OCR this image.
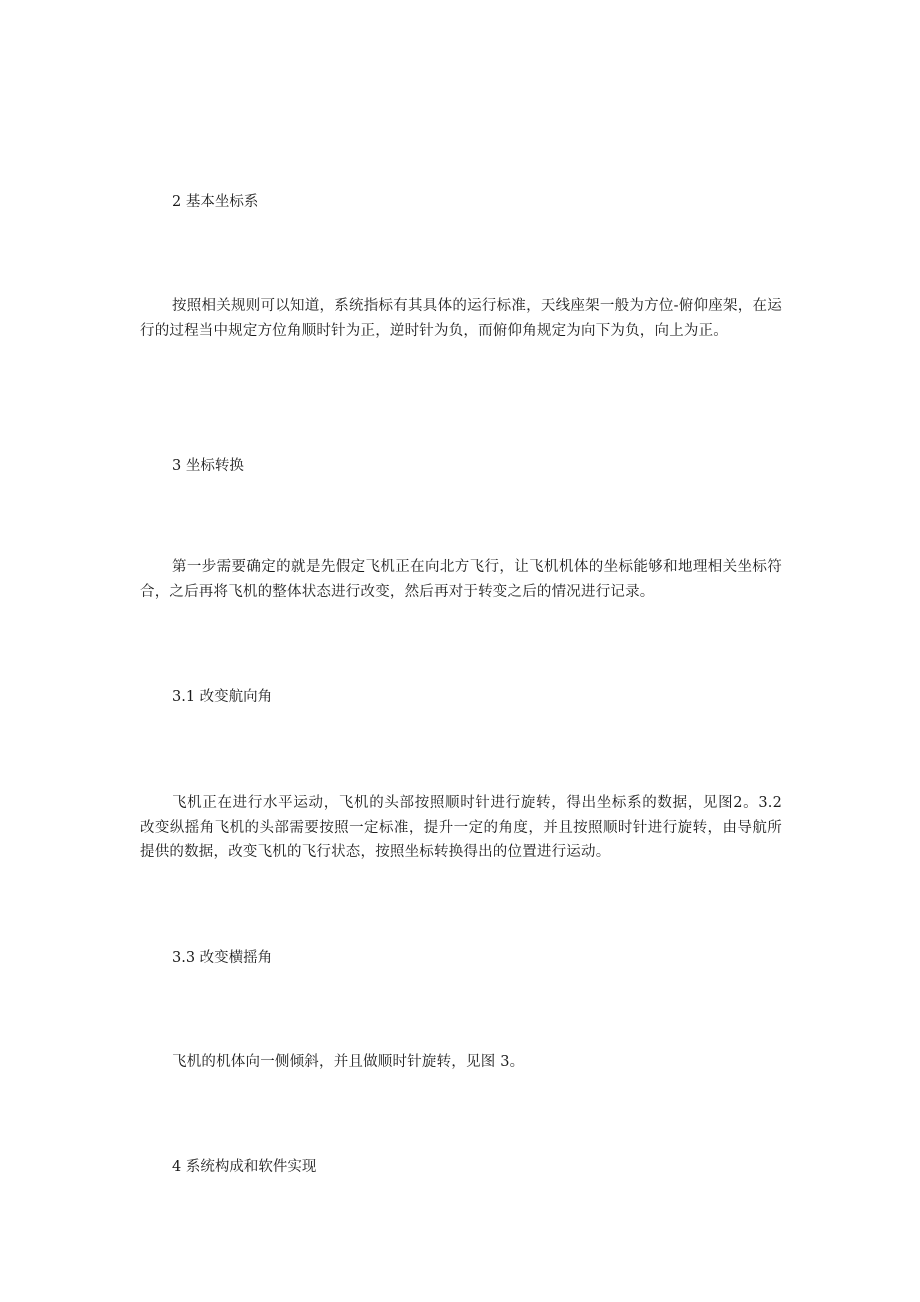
2 基本坐标系
按照相关规则可以知道，系统指标有其具体的运行标准，天线座架一般为方位-俯仰座架，在运行的过程当中规定方位角顺时针为正，逆时针为负，而俯仰角规定为向下为负，向上为正。
3 坐标转换
第一步需要确定的就是先假定飞机正在向北方飞行，让飞机机体的坐标能够和地理相关坐标符合，之后再将飞机的整体状态进行改变，然后再对于转变之后的情况进行记录。
3.1 改变航向角
飞机正在进行水平运动，飞机的头部按照顺时针进行旋转，得出坐标系的数据，见图2。3.2 改变纵摇角飞机的头部需要按照一定标准，提升一定的角度，并且按照顺时针进行旋转，由导航所提供的数据，改变飞机的飞行状态，按照坐标转换得出的位置进行运动。
3.3 改变横摇角
飞机的机体向一侧倾斜，并且做顺时针旋转，见图 3。
4 系统构成和软件实现
